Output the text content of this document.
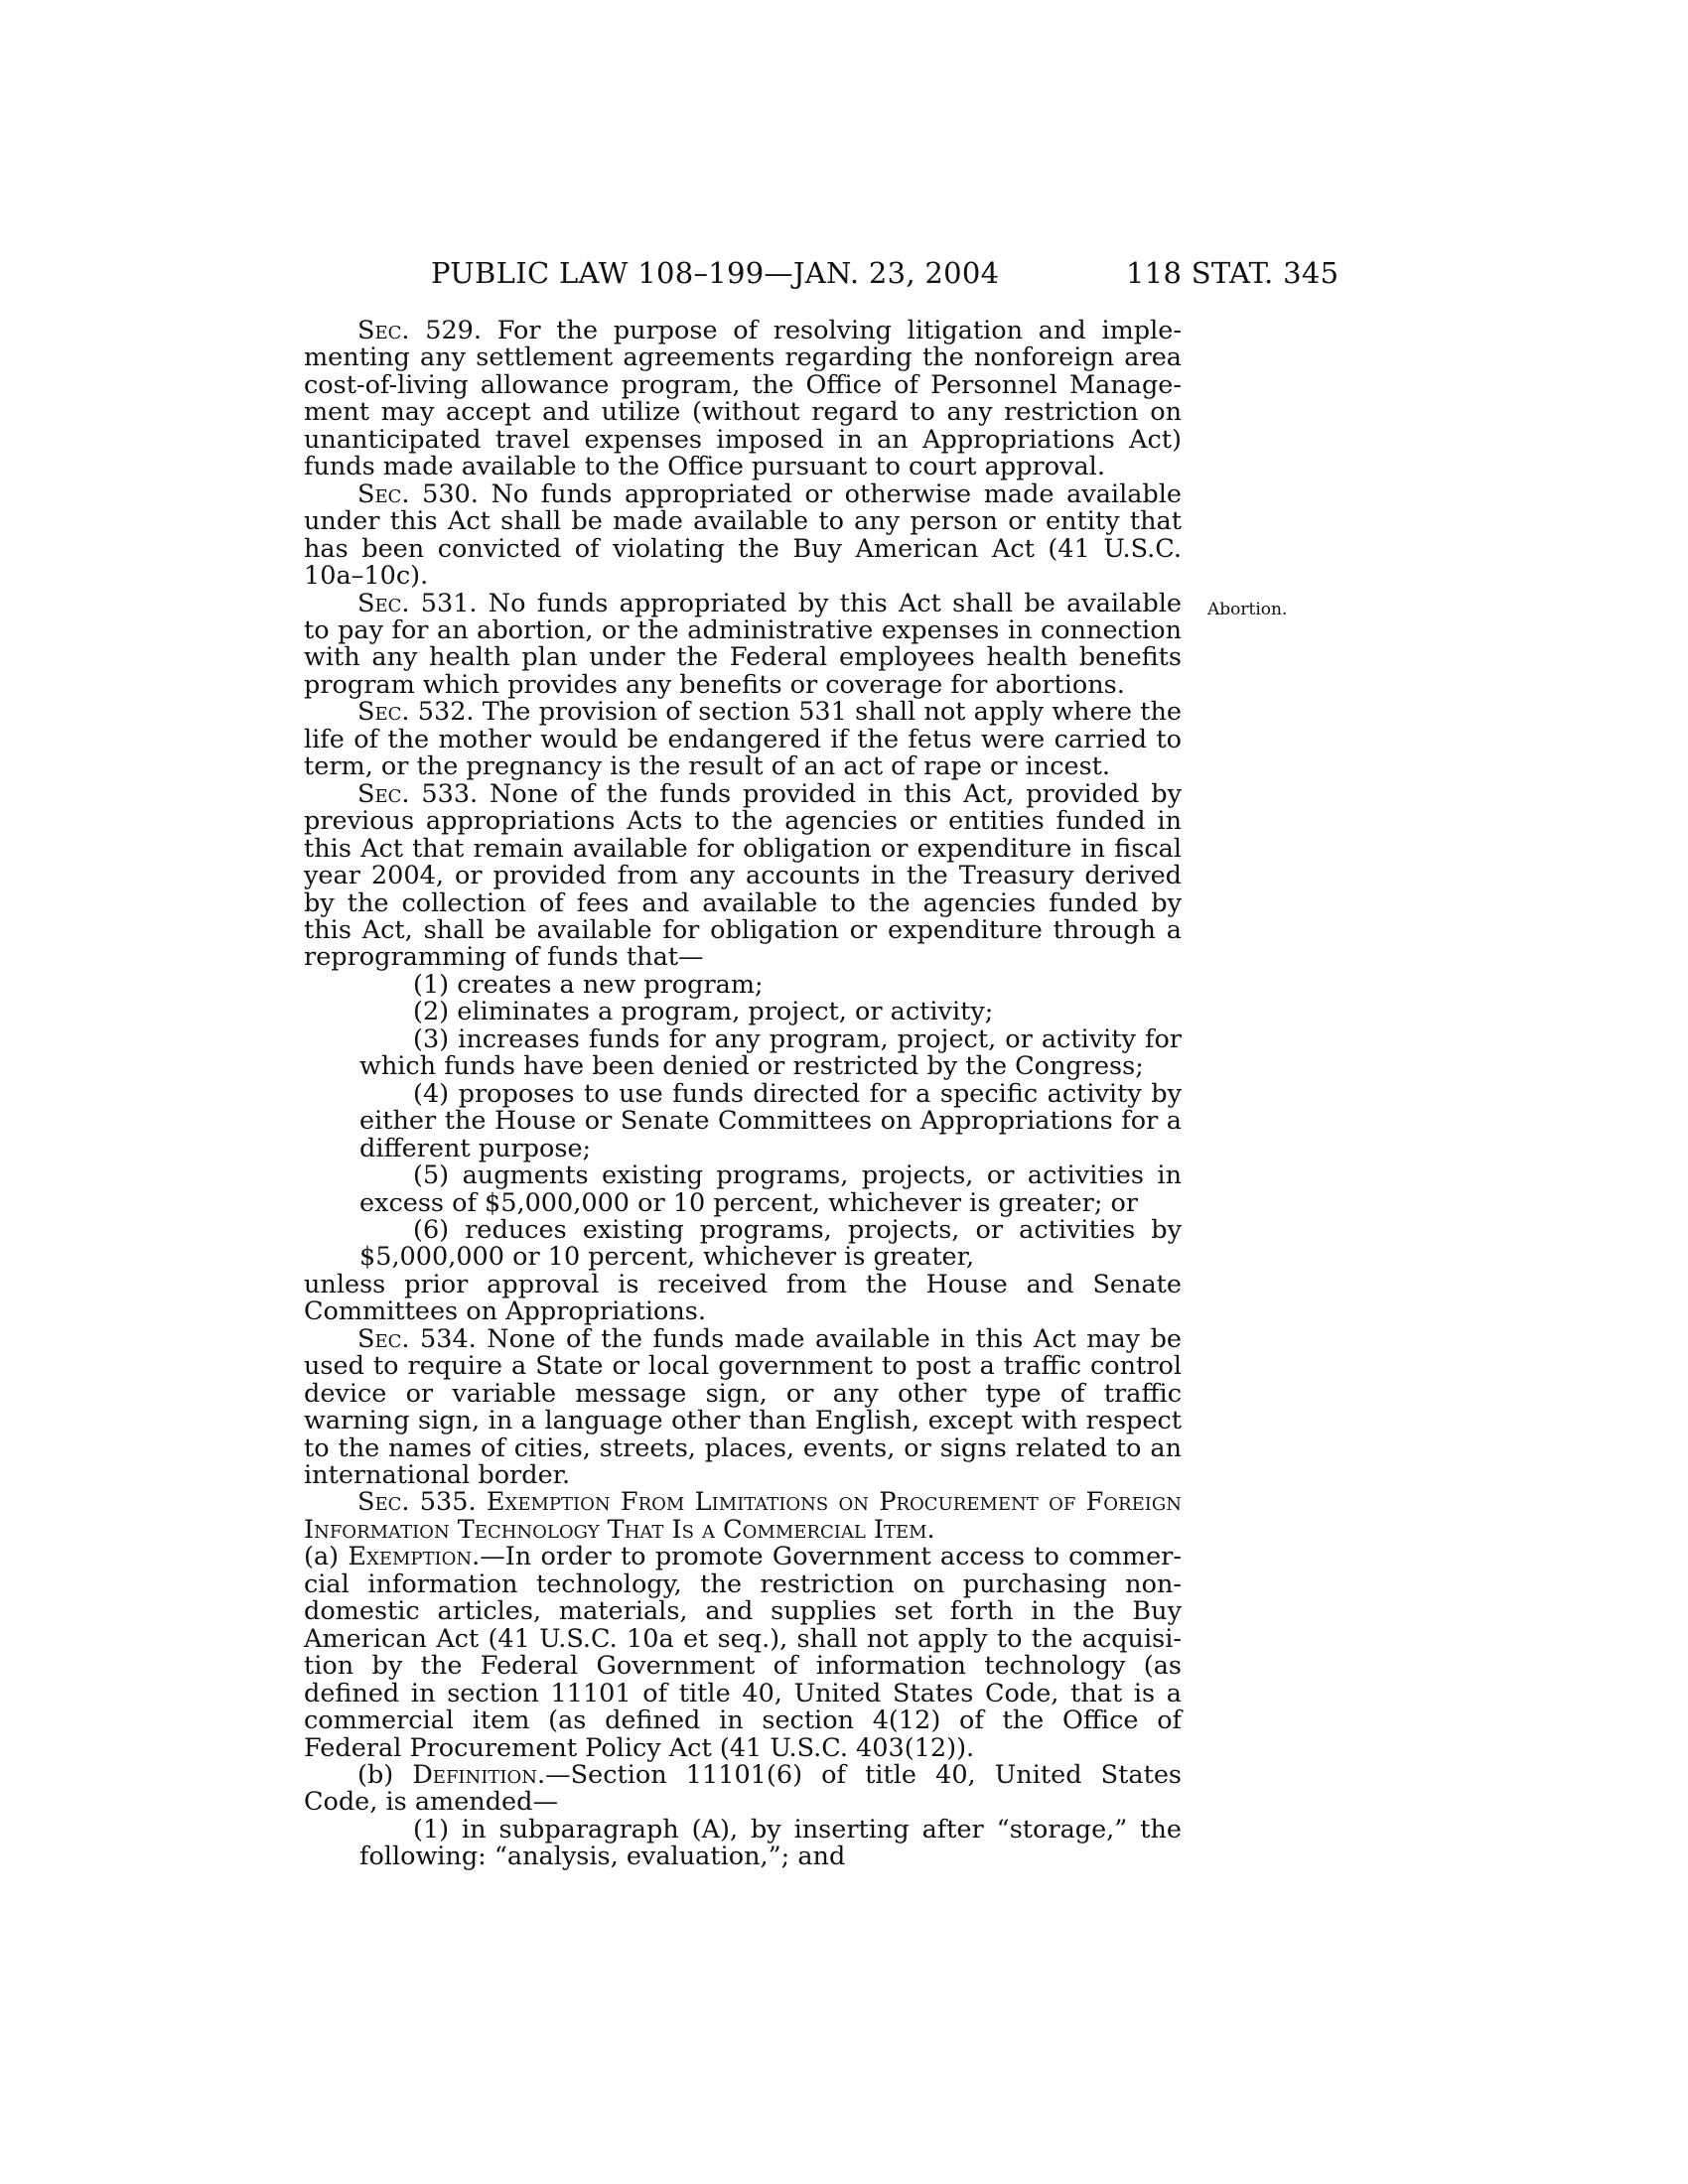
PUBLIC LAW 108–199—JAN. 23, 2004	118 STAT. 345
Abortion.

Sec. 529. For the purpose of resolving litigation and implementing any settlement agreements regarding the nonforeign area cost-of-living allowance program, the Office of Personnel Management may accept and utilize (without regard to any restriction on unanticipated travel expenses imposed in an Appropriations Act) funds made available to the Office pursuant to court approval.

Sec. 530. No funds appropriated or otherwise made available under this Act shall be made available to any person or entity that has been convicted of violating the Buy American Act (41 U.S.C. 10a–10c).

Sec. 531. No funds appropriated by this Act shall be available to pay for an abortion, or the administrative expenses in connection with any health plan under the Federal employees health benefits program which provides any benefits or coverage for abortions.

Sec. 532. The provision of section 531 shall not apply where the life of the mother would be endangered if the fetus were carried to term, or the pregnancy is the result of an act of rape or incest.

Sec. 533. None of the funds provided in this Act, provided by previous appropriations Acts to the agencies or entities funded in this Act that remain available for obligation or expenditure in fiscal year 2004, or provided from any accounts in the Treasury derived by the collection of fees and available to the agencies funded by this Act, shall be available for obligation or expenditure through a reprogramming of funds that—

(1) creates a new program;

(2) eliminates a program, project, or activity;

(3) increases funds for any program, project, or activity for which funds have been denied or restricted by the Congress;

(4) proposes to use funds directed for a specific activity by either the House or Senate Committees on Appropriations for a different purpose;

(5) augments existing programs, projects, or activities in excess of $5,000,000 or 10 percent, whichever is greater; or

(6) reduces existing programs, projects, or activities by $5,000,000 or 10 percent, whichever is greater,

unless prior approval is received from the House and Senate Committees on Appropriations.

Sec. 534. None of the funds made available in this Act may be used to require a State or local government to post a traffic control device or variable message sign, or any other type of traffic warning sign, in a language other than English, except with respect to the names of cities, streets, places, events, or signs related to an international border.

Sec. 535. Exemption From Limitations on Procurement of Foreign Information Technology That Is a Commercial Item.
(a) Exemption.—In order to promote Government access to commercial information technology, the restriction on purchasing nondomestic articles, materials, and supplies set forth in the Buy American Act (41 U.S.C. 10a et seq.), shall not apply to the acquisition by the Federal Government of information technology (as defined in section 11101 of title 40, United States Code, that is a commercial item (as defined in section 4(12) of the Office of Federal Procurement Policy Act (41 U.S.C. 403(12)).

(b) Definition.—Section 11101(6) of title 40, United States Code, is amended—

(1) in subparagraph (A), by inserting after “storage,” the following: “analysis, evaluation,”; and
